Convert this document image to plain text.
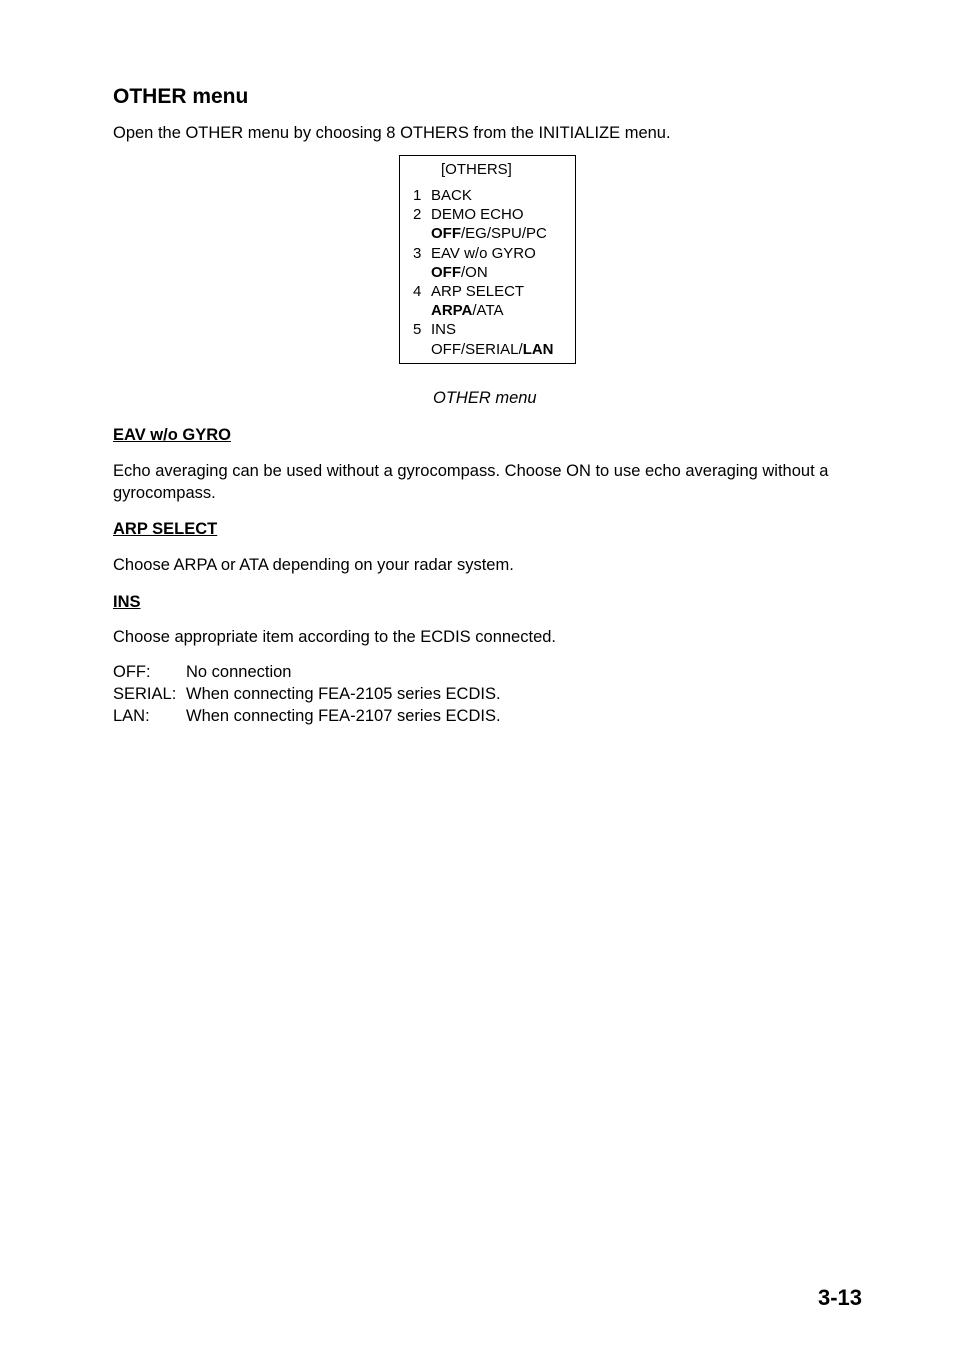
OTHER menu
Open the OTHER menu by choosing 8 OTHERS from the INITIALIZE menu.
[OTHERS]
1 BACK
2 DEMO ECHO
OFF/EG/SPU/PC
3 EAV w/o GYRO
OFF/ON
4 ARP SELECT
ARPA/ATA
5 INS
OFF/SERIAL/LAN
OTHER menu
EAV w/o GYRO
Echo averaging can be used without a gyrocompass. Choose ON to use echo averaging without a gyrocompass.
ARP SELECT
Choose ARPA or ATA depending on your radar system.
INS
Choose appropriate item according to the ECDIS connected.
OFF: No connection
SERIAL: When connecting FEA-2105 series ECDIS.
LAN: When connecting FEA-2107 series ECDIS.
3-13
